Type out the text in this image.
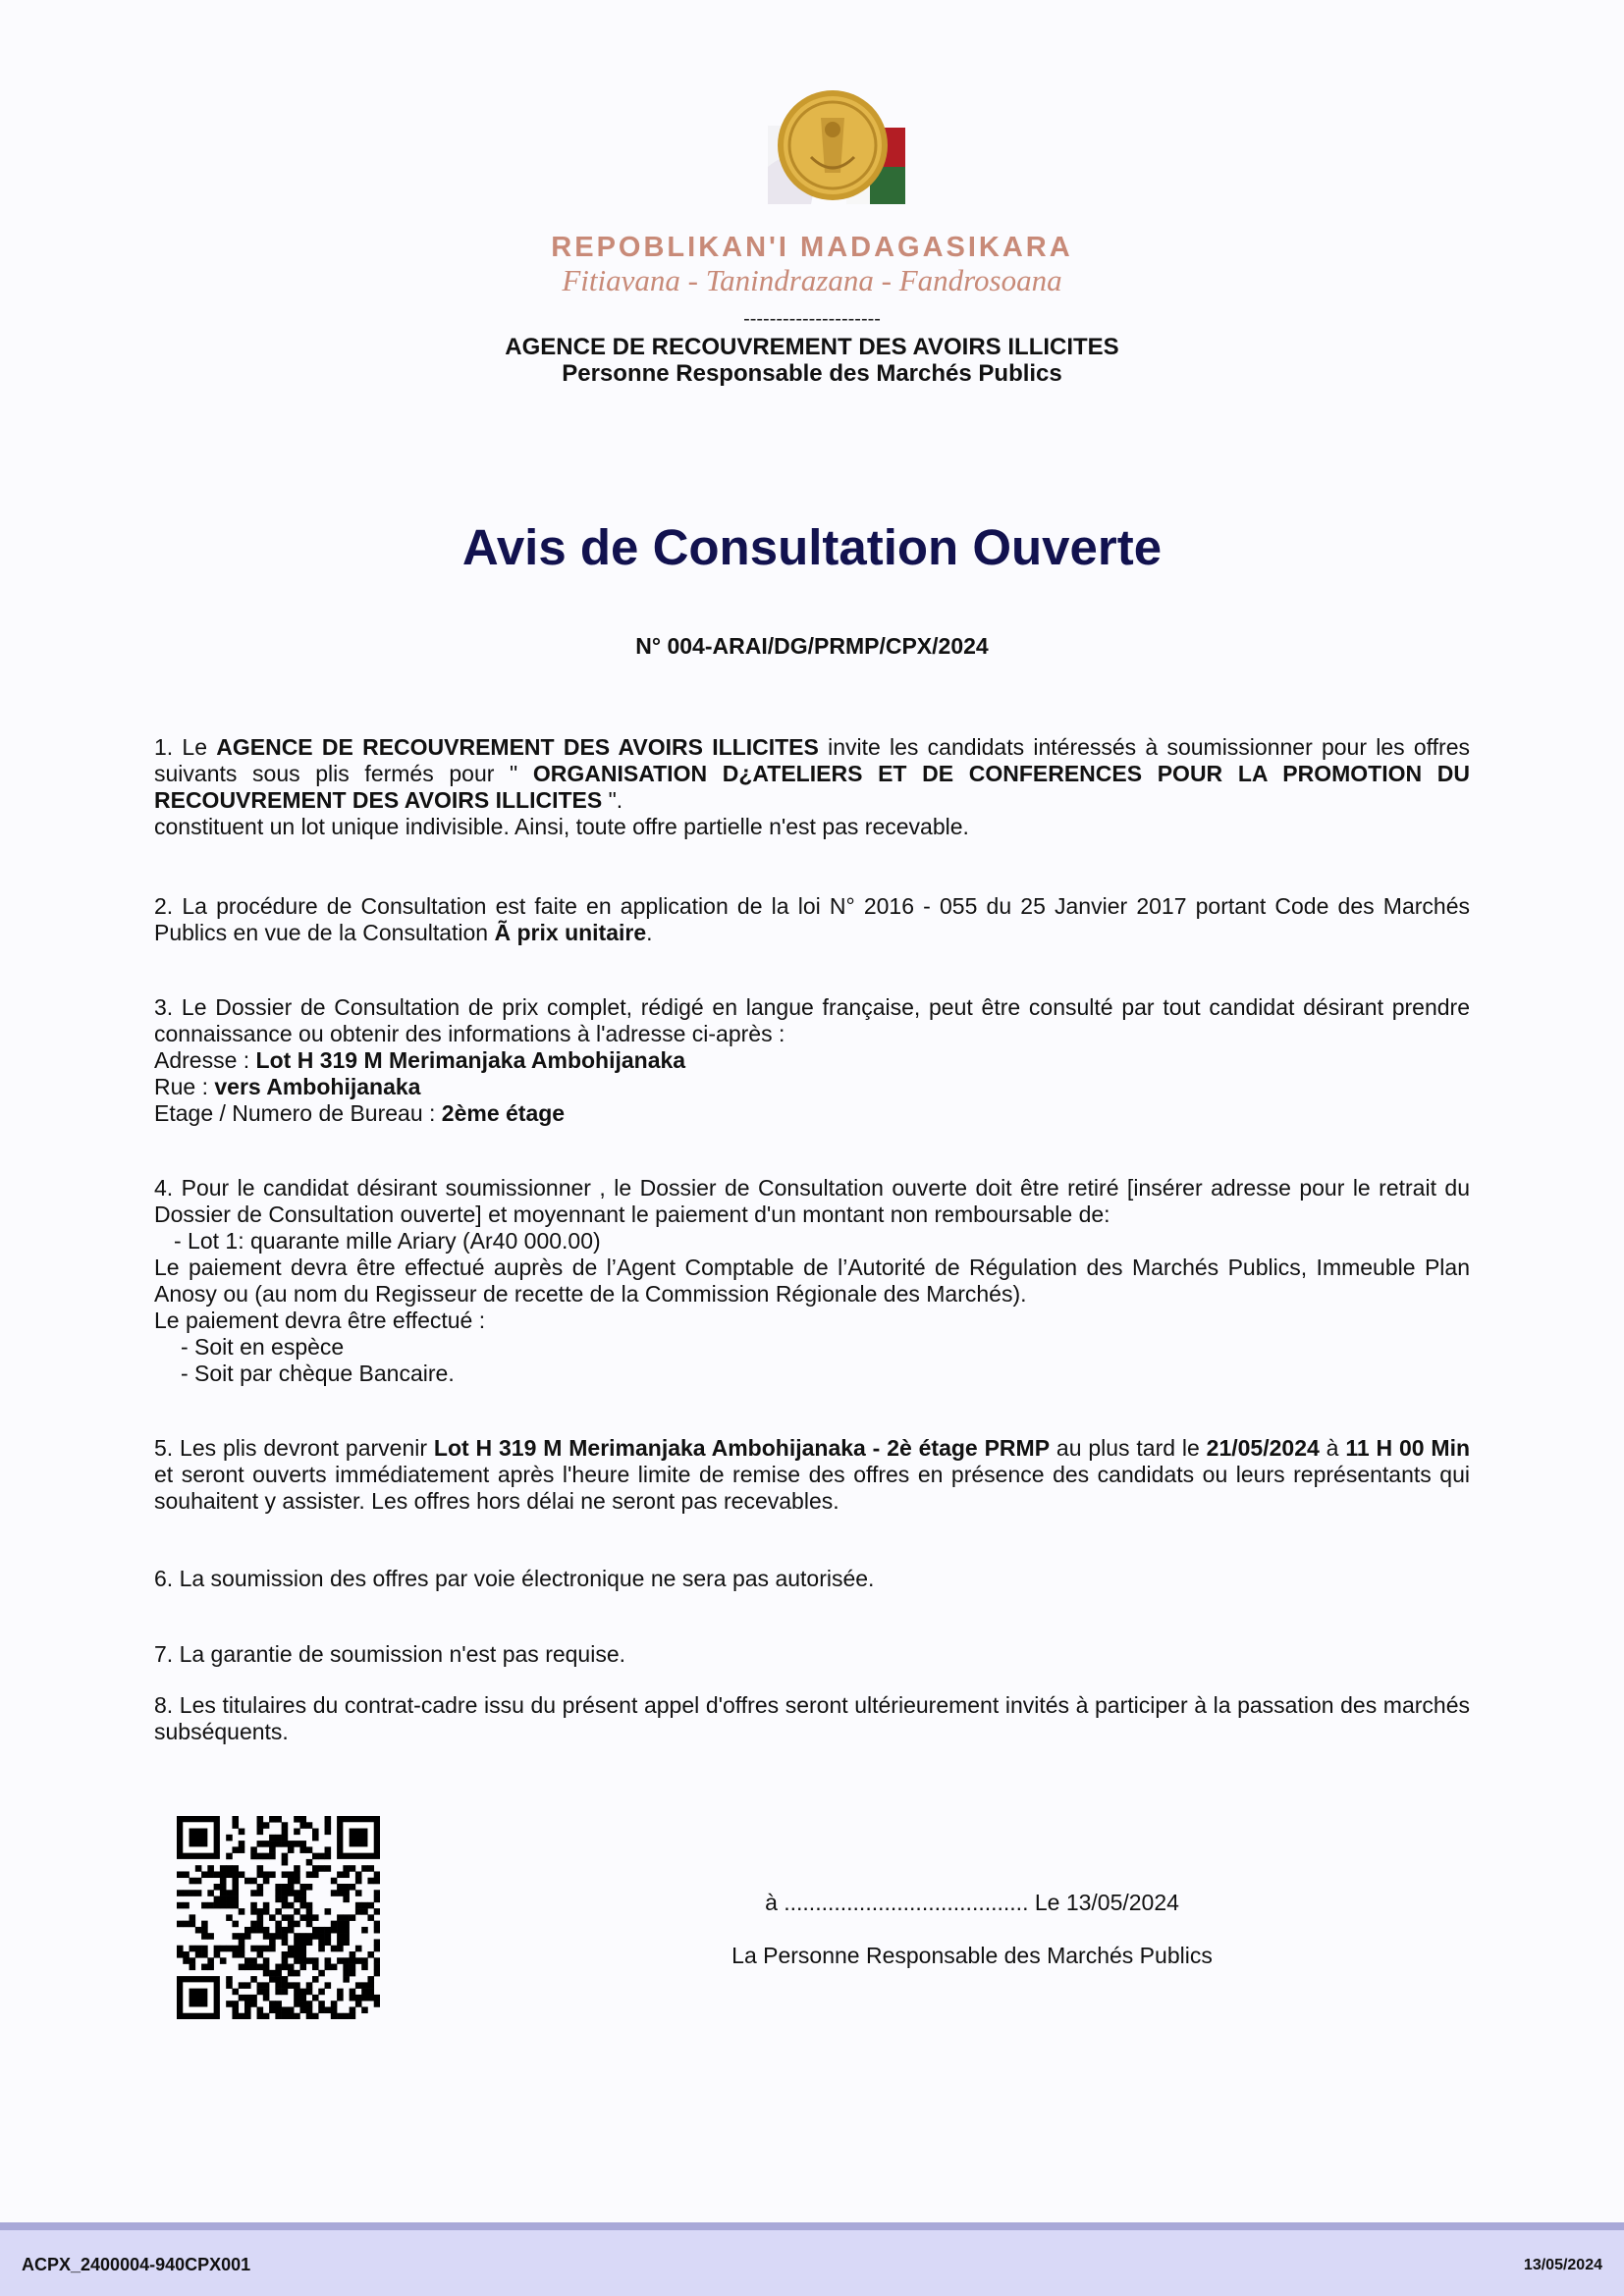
REPOBLIKAN'I MADAGASIKARA
Fitiavana - Tanindrazana - Fandrosoana
---------------------
AGENCE DE RECOUVREMENT DES AVOIRS ILLICITES
Personne Responsable des Marchés Publics
Avis de Consultation Ouverte
N° 004-ARAI/DG/PRMP/CPX/2024
1. Le AGENCE DE RECOUVREMENT DES AVOIRS ILLICITES invite les candidats intéressés à soumissionner pour les offres suivants sous plis fermés pour " ORGANISATION D¿ATELIERS ET DE CONFERENCES POUR LA PROMOTION DU RECOUVREMENT DES AVOIRS ILLICITES ".
constituent un lot unique indivisible. Ainsi, toute offre partielle n'est pas recevable.
2. La procédure de Consultation est faite en application de la loi N° 2016 - 055 du 25 Janvier 2017 portant Code des Marchés Publics en vue de la Consultation Ã prix unitaire.
3. Le Dossier de Consultation de prix complet, rédigé en langue française, peut être consulté par tout candidat désirant prendre connaissance ou obtenir des informations à l'adresse ci-après :
Adresse : Lot H 319 M Merimanjaka Ambohijanaka
Rue : vers Ambohijanaka
Etage / Numero de Bureau : 2ème étage
4. Pour le candidat désirant soumissionner , le Dossier de Consultation ouverte doit être retiré [insérer adresse pour le retrait du Dossier de Consultation ouverte] et moyennant le paiement d'un montant non remboursable de:
- Lot 1: quarante mille Ariary (Ar40 000.00)
Le paiement devra être effectué auprès de l’Agent Comptable de l’Autorité de Régulation des Marchés Publics, Immeuble Plan Anosy ou (au nom du Regisseur de recette de la Commission Régionale des Marchés).
Le paiement devra être effectué :
- Soit en espèce
- Soit par chèque Bancaire.
5. Les plis devront parvenir Lot H 319 M Merimanjaka Ambohijanaka - 2è étage PRMP au plus tard le 21/05/2024 à 11 H 00 Min et seront ouverts immédiatement après l'heure limite de remise des offres en présence des candidats ou leurs représentants qui souhaitent y assister. Les offres hors délai ne seront pas recevables.
6. La soumission des offres par voie électronique ne sera pas autorisée.
7. La garantie de soumission n'est pas requise.
8. Les titulaires du contrat-cadre issu du présent appel d'offres seront ultérieurement invités à participer à la passation des marchés subséquents.
à ....................................... Le 13/05/2024
La Personne Responsable des Marchés Publics
ACPX_2400004-940CPX001	13/05/2024
